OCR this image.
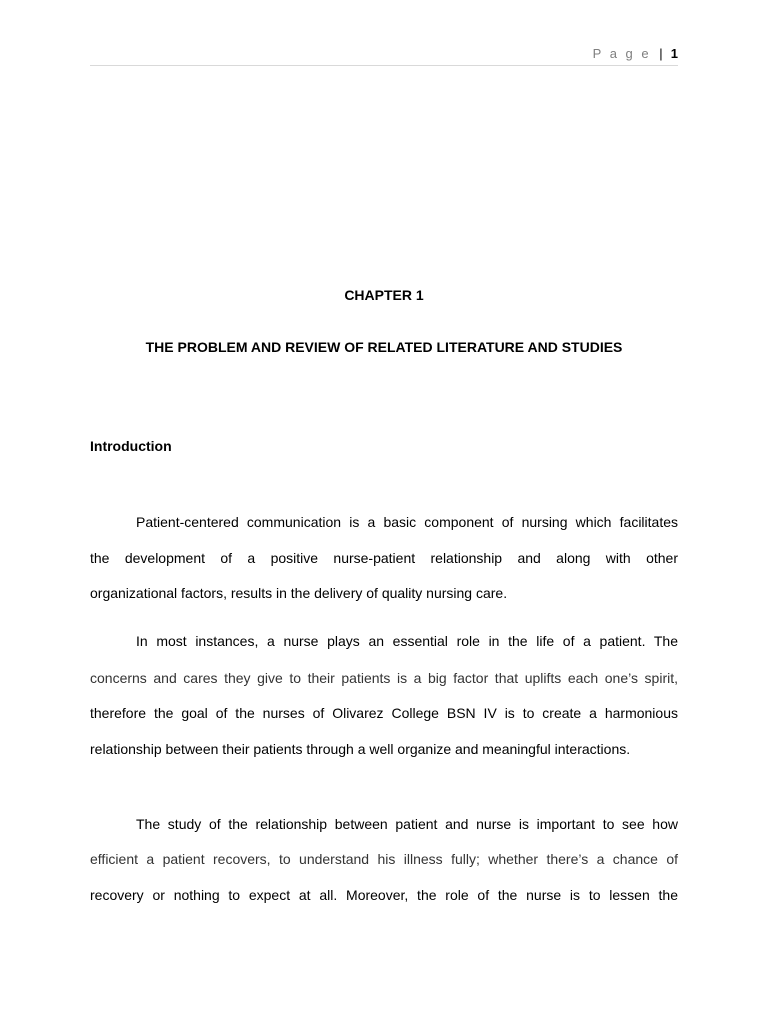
P a g e | 1
CHAPTER 1
THE PROBLEM AND REVIEW OF RELATED LITERATURE AND STUDIES
Introduction
Patient-centered communication is a basic component of nursing which facilitates
the development of a positive nurse-patient relationship and along with other
organizational factors, results in the delivery of quality nursing care.
In most instances, a nurse plays an essential role in the life of a patient. The
concerns and cares they give to their patients is a big factor that uplifts each one’s spirit,
therefore the goal of the nurses of Olivarez College BSN IV is to create a harmonious
relationship between their patients through a well organize and meaningful interactions.
The study of the relationship between patient and nurse is important to see how
efficient a patient recovers, to understand his illness fully; whether there’s a chance of
recovery or nothing to expect at all. Moreover, the role of the nurse is to lessen the
